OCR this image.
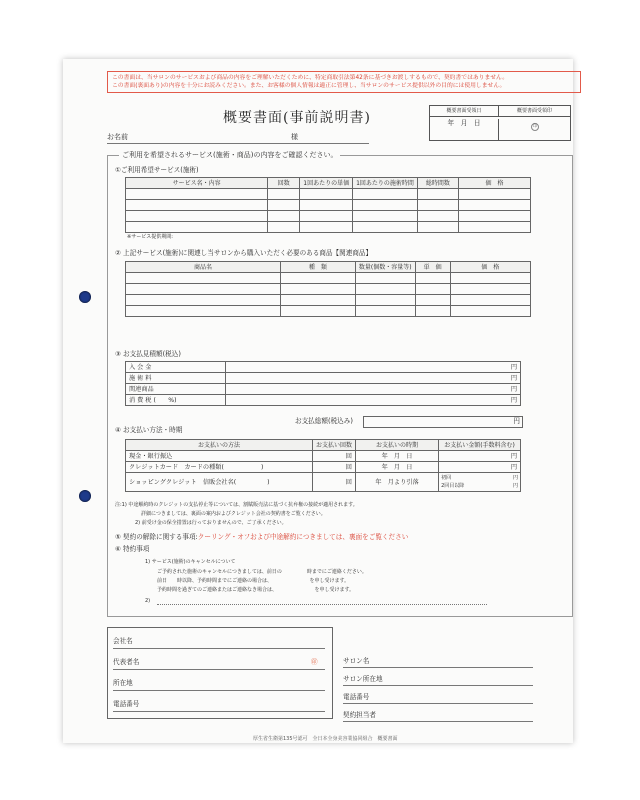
この書面は、当サロンのサービスおよび商品の内容をご理解いただくために、特定商取引法第42条に基づきお渡しするもので、契約書ではありません。
この書面(裏面あり)の内容を十分にお読みください。また、お客様の個人情報は適正に管理し、当サロンのサービス提供以外の目的には使用しません。
概要書面(事前説明書)	概要書面受領日	概要書面受領印
年　月　日	印
お名前	様
ご利用を希望されるサービス(施術・商品)の内容をご確認ください。
①ご利用希望サービス(施術)
サービス名・内容	回数	1回あたりの単価	1回あたりの施術時間	総時間数	価　格

※サービス提供期間:
② 上記サービス(施術)に関連し当サロンから購入いただく必要のある商品【関連商品】
商品名	種　類	数量(個数・容量等)	単　価	価　格

③ お支払見積額(税込)
入 会 金	円
施 術 料	円
関連商品	円
消 費 税 (　　%)	円
お支払総額(税込み)	円
④ お支払い方法・時期
お支払いの方法	お支払い回数	お支払いの時期	お支払い金額(手数料含む)
現金・銀行振込	回	年　月　日	円
クレジットカード　カードの種類(　　　　　　)	回	年　月　日	円
ショッピングクレジット　信販会社名(　　　　　)	回	年　月より引落	初回 円
2回目以降 円
注:1) 中途解約時のクレジットの支払停止等については、割賦販売法に基づく抗弁権の接続が適用されます。
詳細につきましては、裏面の案内およびクレジット会社の契約書をご覧ください。
2) 前受け金の保全措置は行っておりませんので、ご了承ください。
⑤ 契約の解除に関する事項:クーリング・オフおよび中途解約につきましては、裏面をご覧ください
⑥ 特約事項
1) サービス(施術)のキャンセルについて
ご予約された施術のキャンセルにつきましては、前日の　　　　　時までにご連絡ください。
前日　　時以降、予約時間までにご連絡の場合は、　　　　　　　　を申し受けます。
予約時間を過ぎてのご連絡またはご連絡なき場合は、　　　　　　　　を申し受けます。
2)
会社名
代表者名	㊞
所在地
電話番号
サロン名
サロン所在地
電話番号
契約担当者
厚生省生衛第135号認可　全日本全身美容業協同組合　概要書面
